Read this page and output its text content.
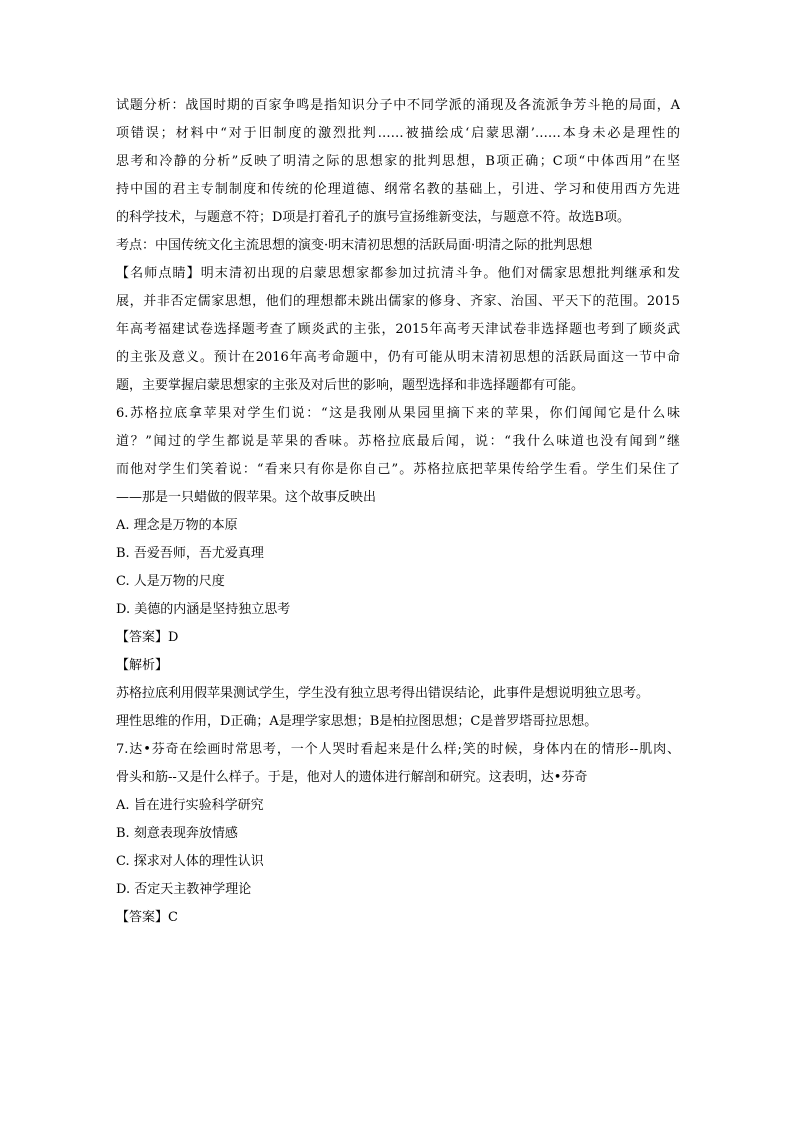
试题分析：战国时期的百家争鸣是指知识分子中不同学派的涌现及各流派争芳斗艳的局面，A
项错误；材料中“对于旧制度的激烈批判……被描绘成‘启蒙思潮’……本身未必是理性的
思考和冷静的分析”反映了明清之际的思想家的批判思想，B项正确；C项“中体西用”在坚
持中国的君主专制制度和传统的伦理道德、纲常名教的基础上，引进、学习和使用西方先进
的科学技术，与题意不符；D项是打着孔子的旗号宣扬维新变法，与题意不符。故选B项。
考点：中国传统文化主流思想的演变·明末清初思想的活跃局面·明清之际的批判思想
【名师点睛】明末清初出现的启蒙思想家都参加过抗清斗争。他们对儒家思想批判继承和发
展，并非否定儒家思想，他们的理想都未跳出儒家的修身、齐家、治国、平天下的范围。2015
年高考福建试卷选择题考查了顾炎武的主张，2015年高考天津试卷非选择题也考到了顾炎武
的主张及意义。预计在2016年高考命题中，仍有可能从明末清初思想的活跃局面这一节中命
题，主要掌握启蒙思想家的主张及对后世的影响，题型选择和非选择题都有可能。
6.苏格拉底拿苹果对学生们说：“这是我刚从果园里摘下来的苹果，你们闻闻它是什么味
道？”闻过的学生都说是苹果的香味。苏格拉底最后闻，说：“我什么味道也没有闻到”继
而他对学生们笑着说：“看来只有你是你自己”。苏格拉底把苹果传给学生看。学生们呆住了
——那是一只蜡做的假苹果。这个故事反映出
A. 理念是万物的本原
B. 吾爱吾师，吾尤爱真理
C. 人是万物的尺度
D. 美德的内涵是坚持独立思考
【答案】D
【解析】
苏格拉底利用假苹果测试学生，学生没有独立思考得出错误结论，此事件是想说明独立思考。
理性思维的作用，D正确；A是理学家思想；B是柏拉图思想；C是普罗塔哥拉思想。
7.达•芬奇在绘画时常思考，一个人哭时看起来是什么样;笑的时候，身体内在的情形--肌肉、
骨头和筋--又是什么样子。于是，他对人的遗体进行解剖和研究。这表明，达•芬奇
A. 旨在进行实验科学研究
B. 刻意表现奔放情感
C. 探求对人体的理性认识
D. 否定天主教神学理论
【答案】C
